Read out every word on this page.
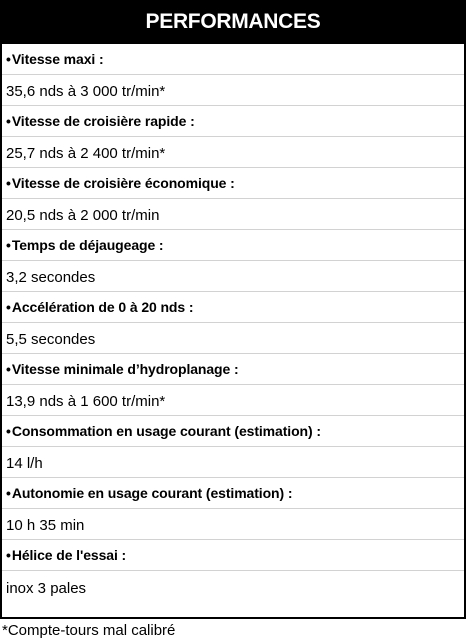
PERFORMANCES
• Vitesse maxi :
35,6 nds à 3 000 tr/min*
• Vitesse de croisière rapide :
25,7 nds à 2 400 tr/min*
• Vitesse de croisière économique :
20,5 nds à 2 000 tr/min
• Temps de déjaugeage :
3,2 secondes
• Accélération de 0 à 20 nds :
5,5 secondes
• Vitesse minimale d’hydroplanage :
13,9 nds à 1 600 tr/min*
• Consommation en usage courant (estimation) :
14 l/h
• Autonomie en usage courant (estimation) :
10 h 35 min
• Hélice de l'essai :
inox 3 pales
*Compte-tours mal calibré
